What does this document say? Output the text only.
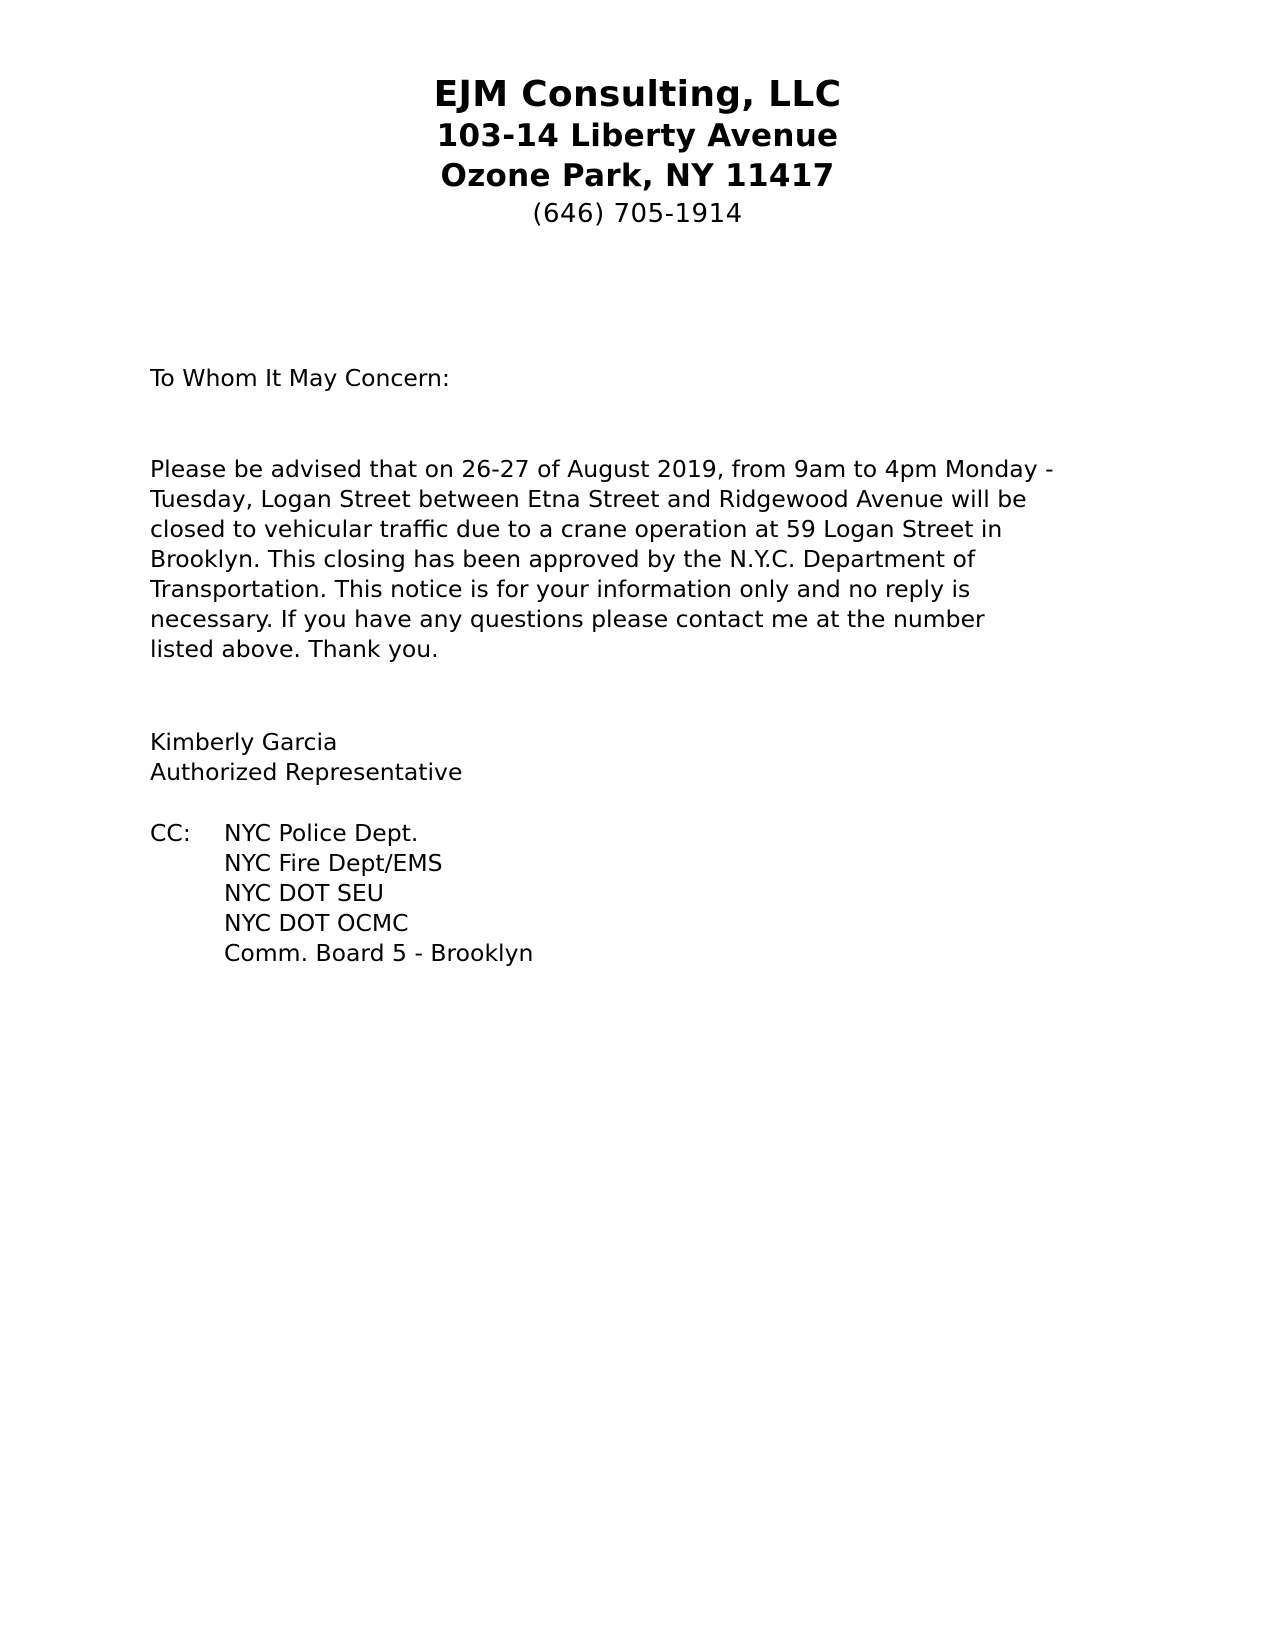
EJM Consulting, LLC
103-14 Liberty Avenue
Ozone Park, NY 11417
(646) 705-1914
To Whom It May Concern:
Please be advised that on 26-27 of August 2019, from 9am to 4pm Monday -
Tuesday, Logan Street between Etna Street and Ridgewood Avenue will be
closed to vehicular traffic due to a crane operation at 59 Logan Street in
Brooklyn. This closing has been approved by the N.Y.C. Department of
Transportation. This notice is for your information only and no reply is
necessary. If you have any questions please contact me at the number
listed above. Thank you.
Kimberly Garcia
Authorized Representative
CC: NYC Police Dept.
NYC Fire Dept/EMS
NYC DOT SEU
NYC DOT OCMC
Comm. Board 5 - Brooklyn
